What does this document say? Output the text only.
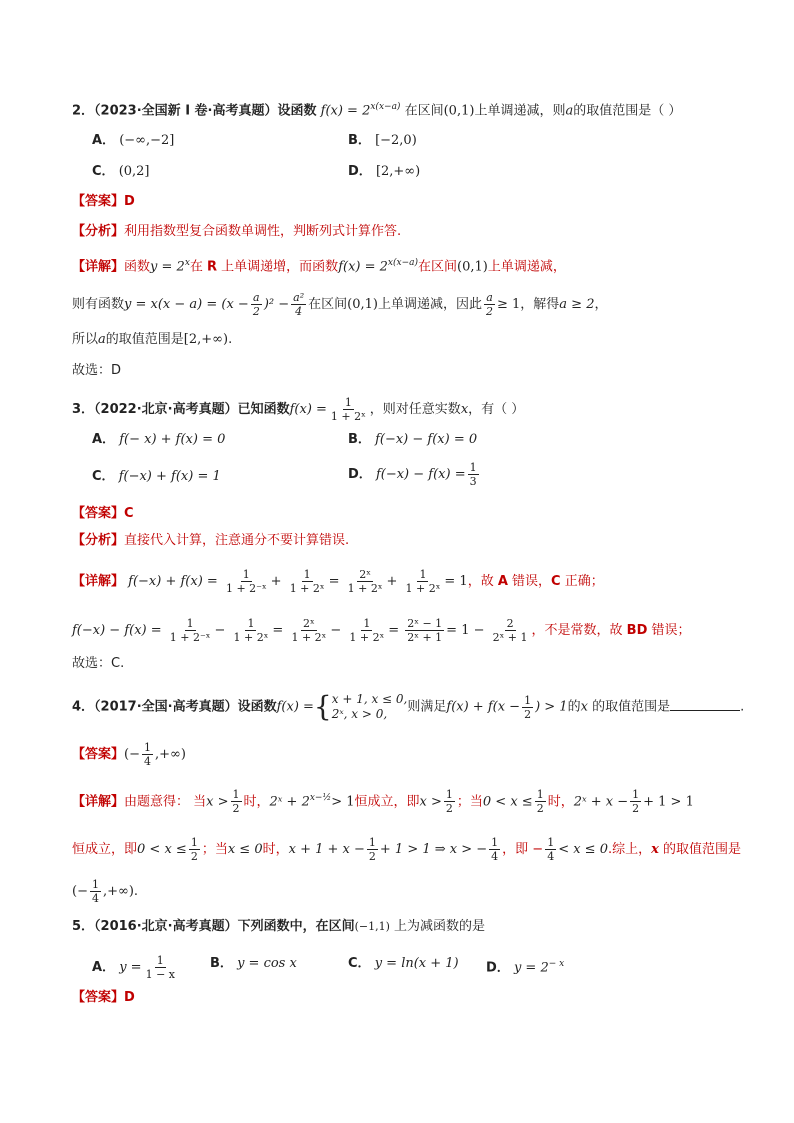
2．（2023·全国新 I 卷·高考真题）设函数 $f(x) = 2^{x(x-a)}$ 在区间(0,1)上单调递减，则a的取值范围是（ ）
A． (−∞,−2]	B． [−2,0)
C． (0,2]	D． [2,+∞)
【答案】D
【分析】利用指数型复合函数单调性，判断列式计算作答.
【详解】函数$y = 2^x$在 R 上单调递增，而函数$f(x) = 2^{x(x-a)}$在区间(0,1)上单调递减，
则有函数$y = x(x - a) = (x - \frac{a}{2} )^2 - \frac{\text{a²}}{4}$ 在区间(0,1)上单调递减，因此 $\frac{a}{2} \ge 1$，解得a ≥ 2，
所以a的取值范围是[2,+∞).
故选：D
3．（2022·北京·高考真题）已知函数$f(x) = \frac{1}{\text{1 + 2ˣ}}$ ，则对任意实数x，有（ ）
A． f(− x) + f(x) = 0	B． f(−x) − f(x) = 0
C． f(−x) + f(x) = 1	D． $f(-x) - f(x) = \frac{1}{3}$
【答案】C
【分析】直接代入计算，注意通分不要计算错误.
【详解】 $f(-x) + f(x) = \frac{1}{\text{1 + 2⁻ˣ}} + \frac{1}{\text{1 + 2ˣ}} = \frac{\text{2ˣ}}{\text{1 + 2ˣ}} + \frac{1}{\text{1 + 2ˣ}} = 1$，故 A 错误，C 正确；
$f(-x) - f(x) = \frac{1}{\text{1 + 2⁻ˣ}} - \frac{1}{\text{1 + 2ˣ}} = \frac{\text{2ˣ}}{\text{1 + 2ˣ}} - \frac{1}{\text{1 + 2ˣ}} = \frac{\text{2ˣ − 1}}{\text{2ˣ + 1}} = 1 - \frac{2}{\text{2ˣ + 1}}$ ，不是常数，故 BD 错误；
故选：C.
4．（2017·全国·高考真题）设函数f(x) ={ x + 1, x ≤ 0,
2ˣ, x > 0,	则满足$f(x) + f(x - \frac{1}{2}$ ) > 1的x 的取值范围是	.
【答案】(− $\frac{1}{4}$ ,+∞)
【详解】由题意得： 当$x > \frac{1}{2}$ 时，2ˣ + $2^{x-\frac{1}{2}}> 1$恒成立，即$x > \frac{1}{2}$ ；当$0 < x \le \frac{1}{2}$ 时，2ˣ + $x - \frac{1}{2} + 1 > 1$
恒成立，即$0 < x \le \frac{1}{2}$ ；当x ≤ 0时，$x + 1 + x - \frac{1}{2} + 1 > 1$ ⇒ x > − $\frac{1}{4}$ ，即 − $\frac{1}{4} < x \le 0$.综上，x 的取值范围是
(− $\frac{1}{4}$ ,+∞).
5．（2016·北京·高考真题）下列函数中，在区间(−1,1) 上为减函数的是
A． $y = \frac{1}{1 - x}$	B． y = cos x	C． y = ln(x + 1) D． $y = 2^{- x}$
【答案】D
